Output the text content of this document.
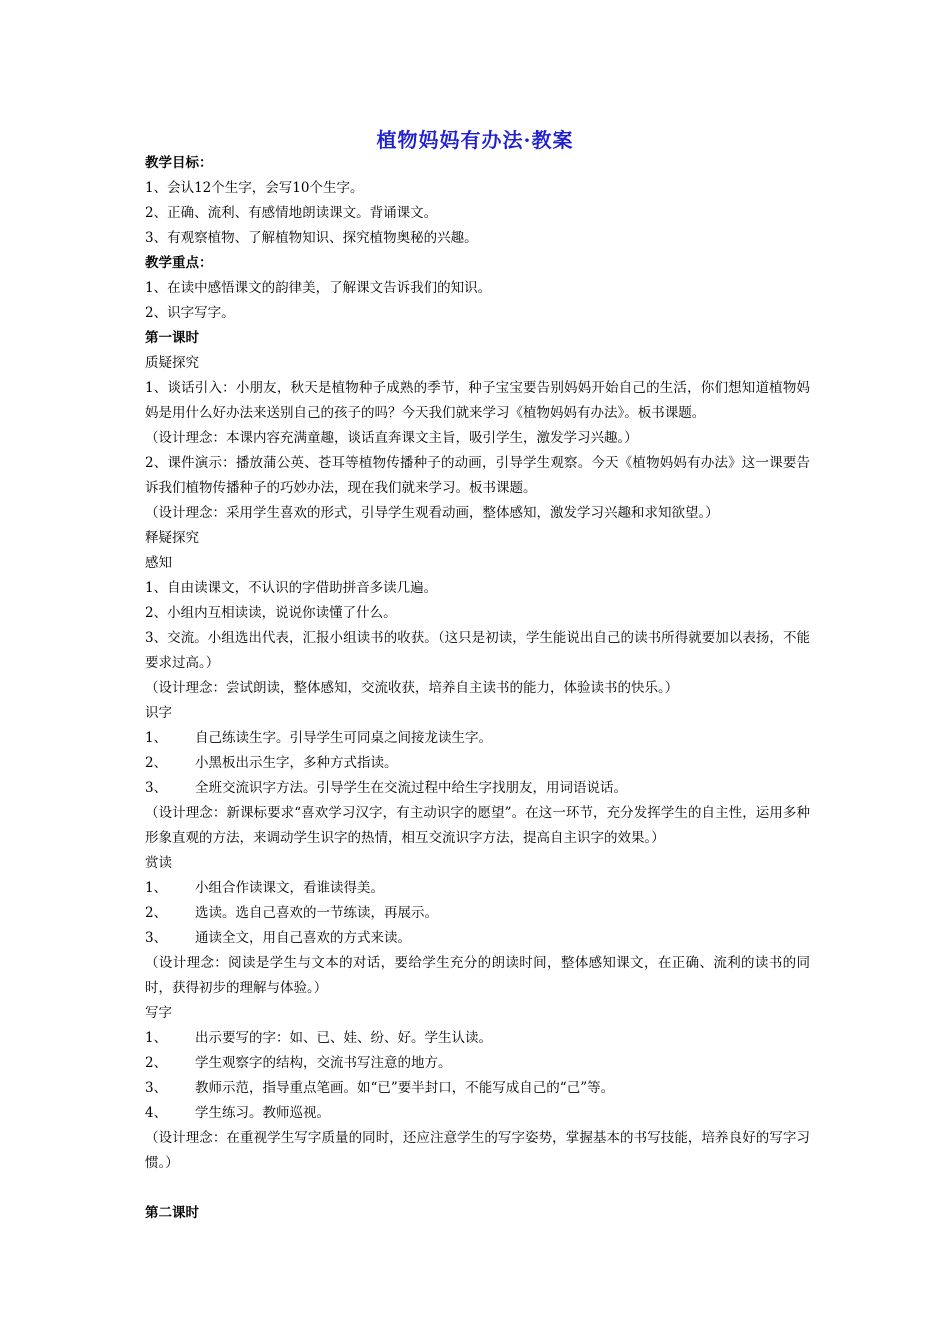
植物妈妈有办法·教案

教学目标：

1、会认12个生字，会写10个生字。

2、正确、流利、有感情地朗读课文。背诵课文。

3、有观察植物、了解植物知识、探究植物奥秘的兴趣。

教学重点：

1、在读中感悟课文的韵律美，了解课文告诉我们的知识。

2、识字写字。

第一课时

质疑探究

1、谈话引入：小朋友，秋天是植物种子成熟的季节，种子宝宝要告别妈妈开始自己的生活，你们想知道植物妈妈是用什么好办法来送别自己的孩子的吗？今天我们就来学习《植物妈妈有办法》。板书课题。

（设计理念：本课内容充满童趣，谈话直奔课文主旨，吸引学生，激发学习兴趣。）

2、课件演示：播放蒲公英、苍耳等植物传播种子的动画，引导学生观察。今天《植物妈妈有办法》这一课要告诉我们植物传播种子的巧妙办法，现在我们就来学习。板书课题。

（设计理念：采用学生喜欢的形式，引导学生观看动画，整体感知，激发学习兴趣和求知欲望。）

释疑探究

感知

1、自由读课文，不认识的字借助拼音多读几遍。

2、小组内互相读读，说说你读懂了什么。

3、交流。小组选出代表，汇报小组读书的收获。（这只是初读，学生能说出自己的读书所得就要加以表扬，不能要求过高。）

（设计理念：尝试朗读，整体感知，交流收获，培养自主读书的能力，体验读书的快乐。）

识字

1、 自己练读生字。引导学生可同桌之间接龙读生字。

2、 小黑板出示生字，多种方式指读。

3、 全班交流识字方法。引导学生在交流过程中给生字找朋友，用词语说话。

（设计理念：新课标要求“喜欢学习汉字，有主动识字的愿望”。在这一环节，充分发挥学生的自主性，运用多种形象直观的方法，来调动学生识字的热情，相互交流识字方法，提高自主识字的效果。）

赏读

1、 小组合作读课文，看谁读得美。

2、 选读。选自己喜欢的一节练读，再展示。

3、 通读全文，用自己喜欢的方式来读。

（设计理念：阅读是学生与文本的对话，要给学生充分的朗读时间，整体感知课文，在正确、流利的读书的同时，获得初步的理解与体验。）

写字

1、 出示要写的字：如、已、娃、纷、好。学生认读。

2、 学生观察字的结构，交流书写注意的地方。

3、 教师示范，指导重点笔画。如“已”要半封口，不能写成自己的“己”等。

4、 学生练习。教师巡视。

（设计理念：在重视学生写字质量的同时，还应注意学生的写字姿势，掌握基本的书写技能，培养良好的写字习惯。）

第二课时
